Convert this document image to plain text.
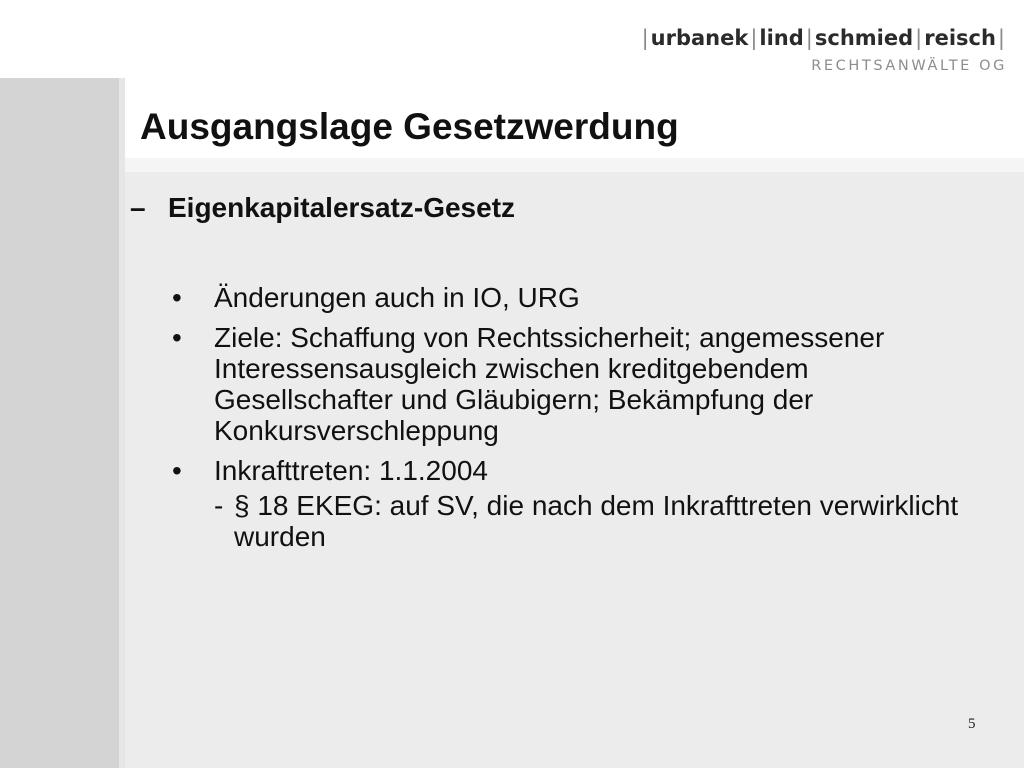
|urbanek|lind|schmied|reisch|
RECHTSANWÄLTE OG
Ausgangslage Gesetzwerdung
– Eigenkapitalersatz-Gesetz
• Änderungen auch in IO, URG
• Ziele: Schaffung von Rechtssicherheit; angemessener Interessensausgleich zwischen kreditgebendem Gesellschafter und Gläubigern; Bekämpfung der Konkursverschleppung
• Inkrafttreten: 1.1.2004
- § 18 EKEG: auf SV, die nach dem Inkrafttreten verwirklicht wurden
5
